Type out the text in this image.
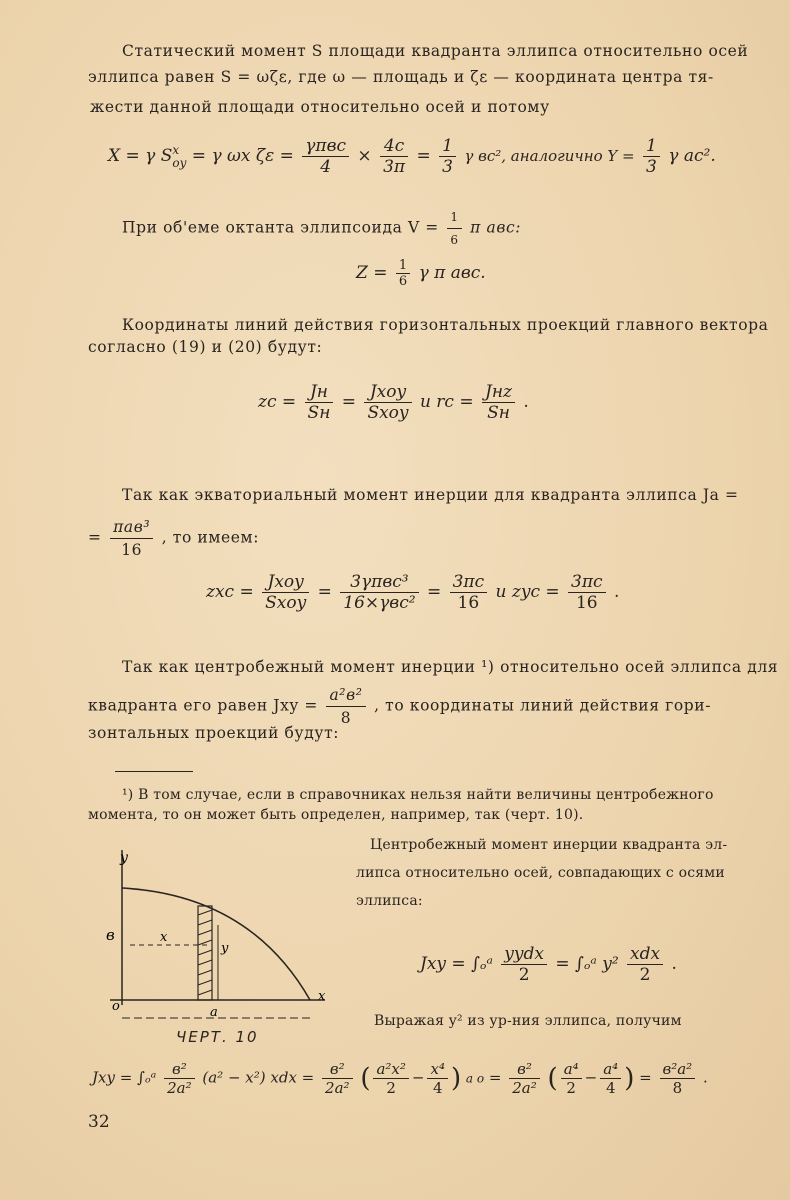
Статический момент S площади квадранта эллипса относительно осей
эллипса равен S = ωζε, где ω — площадь и ζε — координата центра тя-
жести данной площади относительно осей и потому
X = γ S x
oy = γ ωx $\zeta\varepsilon = \frac{\text{γπвс}}{4} \times \frac{4с}{3\pi} = \frac{1}{3}$ γ вс², аналогично $Y = \frac{1}{3}$ γ ас².
При об'еме октанта эллипсоида $V = \frac{1}{6}$ π авс:
$Z = \frac{1}{6}$ γ π авс.
Координаты линий действия горизонтальных проекций главного вектора
согласно (19) и (20) будут:
zc = $\frac{Jн}{Sн} = \frac{\text{Jxoy}}{\text{Sxoy}}$ и rc = $\frac{\text{Jнz}}{Sн}$ .
Так как экваториальный момент инерции для квадранта эллипса Ja =
= $\frac{\text{πaв³}}{16}$ , то имеем:
zxc = $\frac{\text{Jxoy}}{\text{Sxoy}} = \frac{\text{3γπвс³}}{\text{16×γвс²}} = \frac{3\pi с}{16}$ и zyc = $\frac{3\pi с}{16}$ .
Так как центробежный момент инерции ¹) относительно осей эллипса для
квадранта его равен Jxy = $\frac{\text{a²в²}}{8}$ , то координаты линий действия гори-
зонтальных проекций будут:
¹) В том случае, если в справочниках нельзя найти величины центробежного
момента, то он может быть определен, например, так (черт. 10).
Центробежный момент инерции квадранта эл-
липса относительно осей, совпадающих с осями
эллипса:
Jxy = ∫ₒᵃ $\frac{\text{yydx}}{2}$ = ∫ₒᵃ $y^2 \frac{\text{xdx}}{2}$ .
Выражая y² из ур-ния эллипса, получим
y
в	x
y
o
x
a
ЧЕРТ. 10
Jxy = ∫ₒᵃ $\frac{\text{в²}}{\text{2a²}} (a^2 - x^2)$ xdx = $\frac{\text{в²}}{\text{2a²}}$ ( $\frac{\text{a²x²}}{2} - \frac{\text{x⁴}}{4}$ ) a $o = \frac{\text{в²}}{\text{2a²}}$ ( $\frac{\text{a⁴}}{2} - \frac{\text{a⁴}}{4}$ ) = $\frac{\text{в²a²}}{8}$ .
32
